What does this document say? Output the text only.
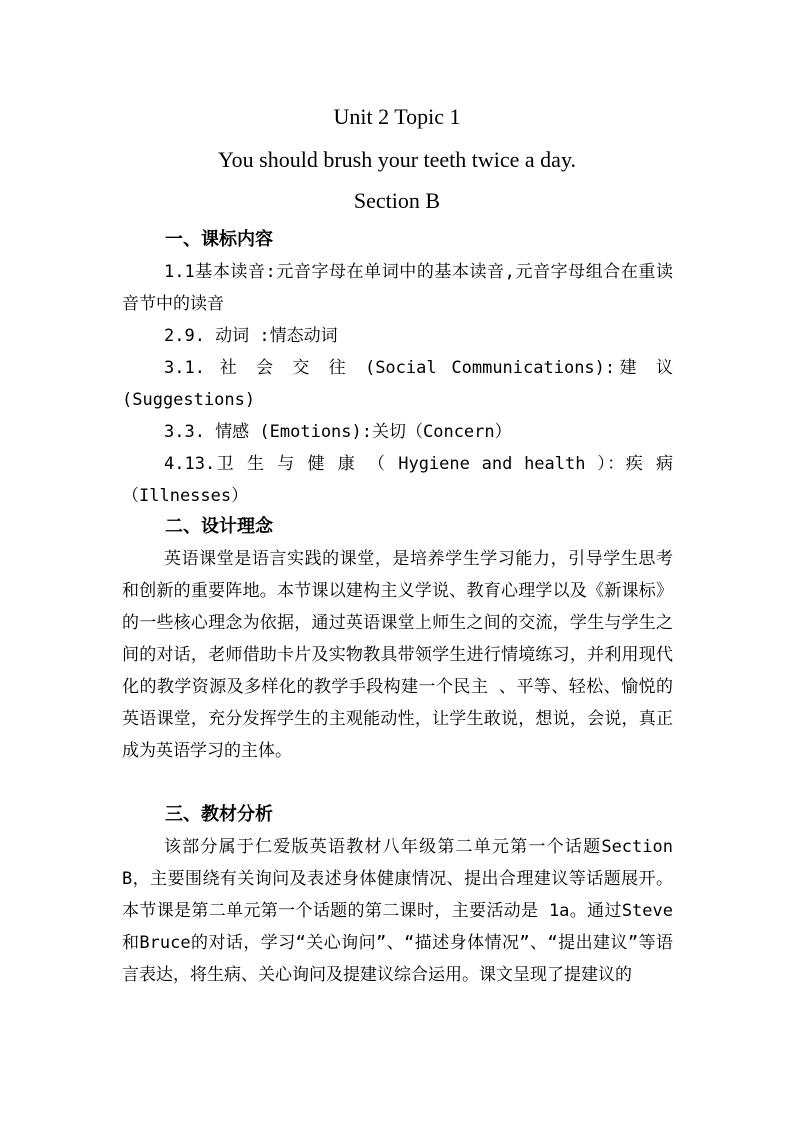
Unit 2 Topic 1
You should brush your teeth twice a day.
Section B
一、课标内容
1.1基本读音:元音字母在单词中的基本读音,元音字母组合在重读音节中的读音
2.9. 动词 :情态动词
3.1. 社 会 交 往 (Social Communications):建 议 (Suggestions)
3.3. 情感 (Emotions):关切（Concern）
4.13.卫 生 与 健 康 （ Hygiene and health ）：疾 病 （Illnesses）
二、设计理念
英语课堂是语言实践的课堂，是培养学生学习能力，引导学生思考和创新的重要阵地。本节课以建构主义学说、教育心理学以及《新课标》的一些核心理念为依据，通过英语课堂上师生之间的交流，学生与学生之间的对话，老师借助卡片及实物教具带领学生进行情境练习，并利用现代化的教学资源及多样化的教学手段构建一个民主 、平等、轻松、愉悦的英语课堂，充分发挥学生的主观能动性，让学生敢说，想说，会说，真正成为英语学习的主体。
三、教材分析
该部分属于仁爱版英语教材八年级第二单元第一个话题Section B，主要围绕有关询问及表述身体健康情况、提出合理建议等话题展开。本节课是第二单元第一个话题的第二课时，主要活动是 1a。通过Steve和Bruce的对话，学习“关心询问”、“描述身体情况”、“提出建议”等语言表达，将生病、关心询问及提建议综合运用。课文呈现了提建议的
